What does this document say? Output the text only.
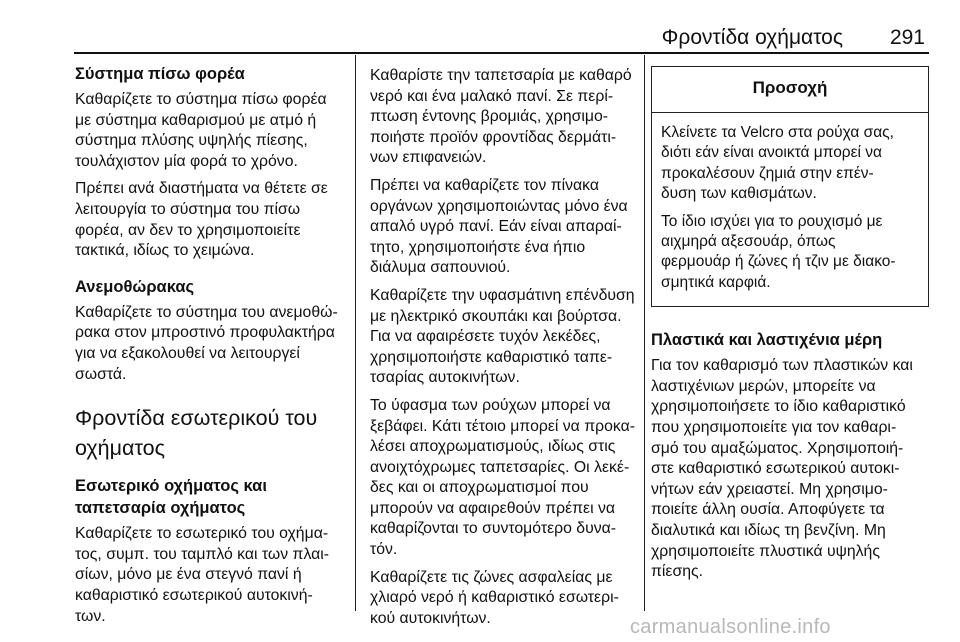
Φροντίδα οχήματος 291
Σύστημα πίσω φορέα

Καθαρίζετε το σύστημα πίσω φορέα
με σύστημα καθαρισμού με ατμό ή
σύστημα πλύσης υψηλής πίεσης,
τουλάχιστον μία φορά το χρόνο.

Πρέπει ανά διαστήματα να θέτετε σε
λειτουργία το σύστημα του πίσω
φορέα, αν δεν το χρησιμοποιείτε
τακτικά, ιδίως το χειμώνα.

Ανεμοθώρακας

Καθαρίζετε το σύστημα του ανεμοθώ-
ρακα στον μπροστινό προφυλακτήρα
για να εξακολουθεί να λειτουργεί
σωστά.

Φροντίδα εσωτερικού του
οχήματος
Εσωτερικό οχήματος και
ταπετσαρία οχήματος

Καθαρίζετε το εσωτερικό του οχήμα-
τος, συμπ. του ταμπλό και των πλαι-
σίων, μόνο με ένα στεγνό πανί ή
καθαριστικό εσωτερικού αυτοκινή-
των.

Καθαρίστε την ταπετσαρία με καθαρό
νερό και ένα μαλακό πανί. Σε περί-
πτωση έντονης βρομιάς, χρησιμο-
ποιήστε προϊόν φροντίδας δερμάτι-
νων επιφανειών.

Πρέπει να καθαρίζετε τον πίνακα
οργάνων χρησιμοποιώντας μόνο ένα
απαλό υγρό πανί. Εάν είναι απαραί-
τητο, χρησιμοποιήστε ένα ήπιο
διάλυμα σαπουνιού.

Καθαρίζετε την υφασμάτινη επένδυση
με ηλεκτρικό σκουπάκι και βούρτσα.
Για να αφαιρέσετε τυχόν λεκέδες,
χρησιμοποιήστε καθαριστικό ταπε-
τσαρίας αυτοκινήτων.

Το ύφασμα των ρούχων μπορεί να
ξεβάφει. Κάτι τέτοιο μπορεί να προκα-
λέσει αποχρωματισμούς, ιδίως στις
ανοιχτόχρωμες ταπετσαρίες. Οι λεκέ-
δες και οι αποχρωματισμοί που
μπορούν να αφαιρεθούν πρέπει να
καθαρίζονται το συντομότερο δυνα-
τόν.

Καθαρίζετε τις ζώνες ασφαλείας με
χλιαρό νερό ή καθαριστικό εσωτερι-
κού αυτοκινήτων.

Προσοχή

Κλείνετε τα Velcro στα ρούχα σας,
διότι εάν είναι ανοικτά μπορεί να
προκαλέσουν ζημιά στην επέν-
δυση των καθισμάτων.

Το ίδιο ισχύει για το ρουχισμό με
αιχμηρά αξεσουάρ, όπως
φερμουάρ ή ζώνες ή τζιν με διακο-
σμητικά καρφιά.

Πλαστικά και λαστιχένια μέρη

Για τον καθαρισμό των πλαστικών και
λαστιχένιων μερών, μπορείτε να
χρησιμοποιήσετε το ίδιο καθαριστικό
που χρησιμοποιείτε για τον καθαρι-
σμό του αμαξώματος. Χρησιμοποιή-
στε καθαριστικό εσωτερικού αυτοκι-
νήτων εάν χρειαστεί. Μη χρησιμο-
ποιείτε άλλη ουσία. Αποφύγετε τα
διαλυτικά και ιδίως τη βενζίνη. Μη
χρησιμοποιείτε πλυστικά υψηλής
πίεσης.

carmanualsonline.info
